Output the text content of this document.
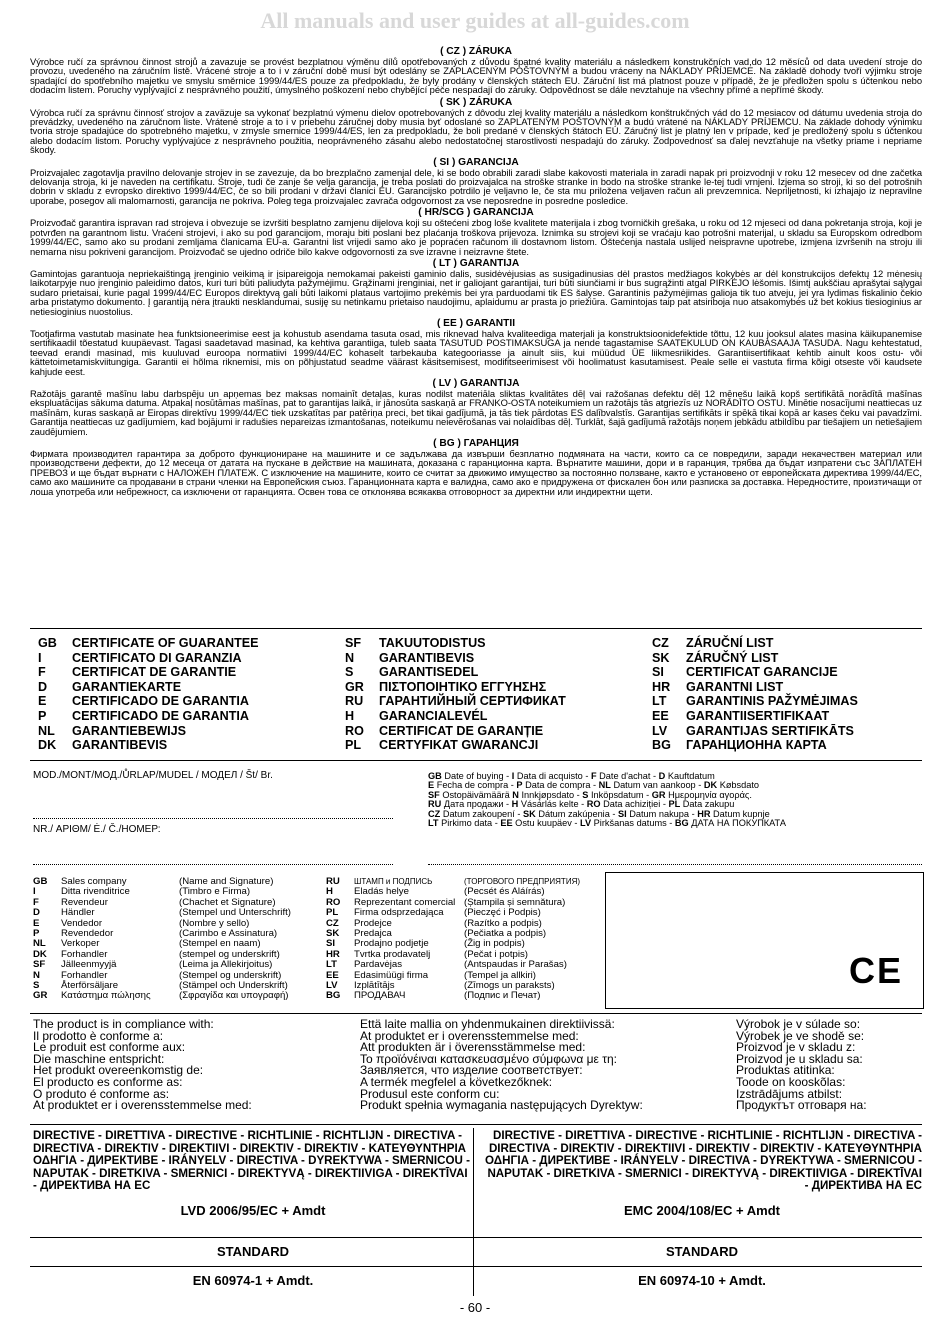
All manuals and user guides at all-guides.com
( CZ ) ZÁRUKA
Výrobce ručí za správnou činnost strojů a zavazuje se provést bezplatnou výměnu dílů opotřebovaných z důvodu špatné kvality materiálu a následkem konstrukčních vad,do 12 měsíců od data uvedení stroje do provozu, uvedeného na záručním listě. Vrácené stroje a to i v záruční době musí být odeslány se ZAPLACENÝM POŠTOVNÝM a budou vráceny na NÁKLADY PŘÍJEMCE. Na základě dohody tvoří výjimku stroje spadající do spotřebního majetku ve smyslu směrnice 1999/44/ES pouze za předpokladu, že byly prodány v členských státech EU. Záruční list má platnost pouze v případě, že je předložen spolu s účtenkou nebo dodacím listem. Poruchy vyplývající z nesprávného použití, úmyslného poškození nebo chybějící péče nespadají do záruky. Odpovědnost se dále nevztahuje na všechny přímé a nepřímé škody.
( SK ) ZÁRUKA
Výrobca ručí za správnu činnosť strojov a zaväzuje sa vykonať bezplatnú výmenu dielov opotrebovaných z dôvodu zlej kvality materiálu a následkom konštrukčných vád do 12 mesiacov od dátumu uvedenia stroja do prevádzky, uvedeného na záručnom liste. Vrátené stroje a to i v priebehu záručnej doby musia byť odoslané so ZAPLATENÝM POŠTOVNÝM a budú vrátené na NÁKLADY PRÍJEMCU. Na základe dohody výnimku tvoria stroje spadajúce do spotrebného majetku, v zmysle smernice 1999/44/ES, len za predpokladu, že boli predané v členských štátoch EÚ. Záručný list je platný len v prípade, keď je predložený spolu s účtenkou alebo dodacím listom. Poruchy vyplývajúce z nesprávneho použitia, neoprávneného zásahu alebo nedostatočnej starostlivosti nespadajú do záruky. Zodpovednosť sa ďalej nevzťahuje na všetky priame i nepriame škody.
( SI ) GARANCIJA
Proizvajalec zagotavlja pravilno delovanje strojev in se zavezuje, da bo brezplačno zamenjal dele, ki se bodo obrabili zaradi slabe kakovosti materiala in zaradi napak pri proizvodnji v roku 12 mesecev od dne začetka delovanja stroja, ki je naveden na certifikatu. Stroje, tudi če zanje še velja garancija, je treba poslati do proizvajalca na stroške stranke in bodo na stroške stranke le-tej tudi vrnjeni. Izjema so stroji, ki so del potrošnih dobrin v skladu z evropsko direktivo 1999/44/EC, če so bili prodani v državi članici EU. Garancijsko potrdilo je veljavno le, če sta mu priložena veljaven račun ali prevzemnica. Nepriljetnosti, ki izhajajo iz nepravilne uporabe, posegov ali malomarnosti, garancija ne pokriva. Poleg tega proizvajalec zavrača odgovornost za vse neposredne in posredne posledice.
( HR/SCG ) GARANCIJA
Proizvođač garantira ispravan rad strojeva i obvezuje se izvršiti besplatno zamjenu dijelova koji su oštećeni zbog loše kvalitete materijala i zbog tvorničkih grešaka, u roku od 12 mjeseci od dana pokretanja stroja, koji je potvrđen na garantnom listu. Vraćeni strojevi, i ako su pod garancijom, moraju biti poslani bez plaćanja troškova prijevoza. Iznimka su strojevi koji se vraćaju kao potrošni materijal, u skladu sa Europskom odredbom 1999/44/EC, samo ako su prodani zemljama članicama EU-a. Garantni list vrijedi samo ako je popraćen računom ili dostavnom listom. Oštećenja nastala uslijed neispravne upotrebe, izmjena izvršenih na stroju ili nemarna nisu pokriveni garancijom. Proizvođač se ujedno odriče bilo kakve odgovornosti za sve izravne i neizravne štete.
( LT ) GARANTIJA
Gamintojas garantuoja nepriekaištingą įrenginio veikimą ir įsipareigoja nemokamai pakeisti gaminio dalis, susidėvėjusias as susigadinusias dėl prastos medžiagos kokybės ar dėl konstrukcijos defektų 12 mėnesių laikotarpyje nuo įrenginio paleidimo datos, kuri turi būti paliudyta pažymėjimu. Grąžinami įrenginiai, net ir galiojant garantijai, turi būti siunčiami ir bus sugrąžinti atgal PIRKĖJO lėšomis. Išimtį aukščiau aprašytai sąlygai sudaro prietaisai, kurie pagal 1999/44/EC Europos direktyvą gali būti laikomi plataus vartojimo prekėmis bei yra parduodami tik ES šalyse. Garantinis pažymėjimas galioja tik tuo atveju, jei yra lydimas fiskalinio čekio arba pristatymo dokumento. Į garantiją nėra įtraukti nesklandumai, susiję su netinkamu prietaiso naudojimu, aplaidumu ar prasta jo priežiūra. Gamintojas taip pat atsiriboja nuo atsakomybės už bet kokius tiesioginius ar netiesioginius nuostolius.
( EE ) GARANTII
Tootjafirma vastutab masinate hea funktsioneerimise eest ja kohustub asendama tasuta osad, mis riknevad halva kvaliteediga materjali ja konstruktsioonidefektide tõttu, 12 kuu jooksul alates masina käikupanemise sertifikaadil tõestatud kuupäevast. Tagasi saadetavad masinad, ka kehtiva garantiiga, tuleb saata TASUTUD POSTIMAKSUGA ja nende tagastamise SAATEKULUD ON KAUBASAAJA TASUDA. Nagu kehtestatud, teevad erandi masinad, mis kuuluvad euroopa normatiivi 1999/44/EC kohaselt tarbekauba kategooriasse ja ainult siis, kui müüdud ÜE liikmesriikides. Garantiisertifikaat kehtib ainult koos ostu- või kättetoimetamiskviitungiga. Garantii ei hõlma riknemisi, mis on põhjustatud seadme väärast käsitsemisest, modifitseerimisest või hoolimatust kasutamisest. Peale selle ei vastuta firma kõigi otseste või kaudsete kahjude eest.
( LV ) GARANTIJA
Ražotājs garantē mašīnu labu darbspēju un apņemas bez maksas nomainīt detaļas, kuras nodilst materiāla sliktas kvalitātes dēļ vai ražošanas defektu dēļ 12 mēnešu laikā kopš sertifikātā norādītā mašīnas ekspluatācijas sākuma datuma. Atpakaļ nosūtāmas mašīnas, pat to garantijas laikā, ir jānosūta saskaņā ar FRANKO-OSTA noteikumiem un ražotājs tās atgriezīs uz NORĀDĪTO OSTU. Minētie nosacījumi neattiecas uz mašīnām, kuras saskaņā ar Eiropas direktīvu 1999/44/EC tiek uzskatītas par patēriņa preci, bet tikai gadījumā, ja tās tiek pārdotas ES dalībvalstīs. Garantijas sertifikāts ir spēkā tikai kopā ar kases čeku vai pavadzīmi. Garantija neattiecas uz gadījumiem, kad bojājumi ir radušies nepareizas izmantošanas, noteikumu neievērošanas vai nolaidības dēļ. Turklāt, šajā gadījumā ražotājs noņem jebkādu atbildību par tiešajiem un netiešajiem zaudējumiem.
( BG ) ГАРАНЦИЯ
Фирмата производител гарантира за доброто функциониране на машините и се задължава да извърши безплатно подмяната на части, които са се повредили, заради некачествен материал или производствени дефекти, до 12 месеца от датата на пускане в действие на машината, доказана с гаранционна карта. Върнатите машини, дори и в гаранция, трябва да бъдат изпратени със ЗАПЛАТЕН ПРЕВОЗ и ще бъдат върнати с НАЛОЖЕН ПЛАТЕЖ. С изключение на машините, които се считат за движимо имущество за постоянно ползване, както е установено от европейската директива 1999/44/EC, само ако машините са продавани в страни членки на Европейския съюз. Гаранционната карта е валидна, само ако е придружена от фискален бон или разписка за доставка. Нередностите, произтичащи от лоша употреба или небрежност, са изключени от гаранцията. Освен това се отклонява всякаква отговорност за директни или индиректни щети.
GB CERTIFICATE OF GUARANTEE
I CERTIFICATO DI GARANZIA
F CERTIFICAT DE GARANTIE
D GARANTIEKARTE
E CERTIFICADO DE GARANTIA
P CERTIFICADO DE GARANTIA
NL GARANTIEBEWIJS
DK GARANTIBEVIS
SF TAKUUTODISTUS
N GARANTIBEVIS
S GARANTISEDEL
GR ΠΙΣΤΟΠΟΙΗΤΙΚΟ ΕΓΓΥΗΣΗΣ
RU ГАРАНТИЙНЫЙ СЕРТИФИКАТ
H GARANCIALEVÉL
RO CERTIFICAT DE GARANȚIE
PL CERTYFIKAT GWARANCJI
CZ ZÁRUČNÍ LIST
SK ZÁRUČNÝ LIST
SI CERTIFICAT GARANCIJE
HR GARANTNI LIST
LT GARANTINIS PAŽYMĖJIMAS
EE GARANTIISERTIFIKAAT
LV GARANTIJAS SERTIFIKĀTS
BG ГАРАНЦИОННА КАРТА
MOD./MONT/МОД./ŮRLAP/MUDEL / МОДЕЛ / Št/ Br.
NR./ ΑΡΙΘΜ/ Ė./ Č./НОМЕР:
GB Date of buying - I Data di acquisto - F Date d'achat - D Kauftdatum
E Fecha de compra - P Data de compra - NL Datum van aankoop - DK Købsdato
SF Ostopäivämäärä N Innkjøpsdato - S Inköpsdatum - GR Ημερομηνία αγοράς.
RU Дата продажи - H Vásárlás kelte - RO Data achiziției - PL Data zakupu
CZ Datum zakoupení - SK Dátum zakúpenia - SI Datum nakupa - HR Datum kupnje
LT Pirkimo data - EE Ostu kuupäev - LV Pirkšanas datums - BG ДАТА НА ПОКУПКАТА
GB Sales company	(Name and Signature)
I	Ditta rivenditrice	(Timbro e Firma)
F Revendeur	(Chachet et Signature)
D Händler	(Stempel und Unterschrift)
E Vendedor	(Nombre y sello)
P Revendedor	(Carimbo e Assinatura)
NL Verkoper	(Stempel en naam)
DK Forhandler	(stempel og underskrift)
SF Jälleenmyyjä	(Leima ja Allekirjoitus)
N Forhandler	(Stempel og underskrift)
S Återförsäljare	(Stämpel och Underskrift)
GR Κατάστημα πώλησης	(Σφραγίδα και υπογραφή)
RU ШТАМП и ПОДПИСЬ	(ТОРГОВОГО ПРЕДПРИЯТИЯ)
H Eladás helye	(Pecsét és Aláírás)
RO Reprezentant comercial (Ștampila și semnătura)
PL Firma odsprzedająca (Pieczęć i Podpis)
CZ Prodejce	(Razítko a podpis)
SK Predajca	(Pečiatka a podpis)
SI Prodajno podjetje	(Žig in podpis)
HR Tvrtka prodavatelj	(Pečat i potpis)
LT Pardavėjas	(Antspaudas ir Parašas)
EE Edasimüügi firma	(Tempel ja allkiri)
LV Izplātītājs	(Zīmogs un paraksts)
BG ПРОДАВАЧ	(Подпис и Печат)
CE
The product is in compliance with:
Il prodotto è conforme a:
Le produit est conforme aux:
Die maschine entspricht:
Het produkt overeenkomstig de:
El producto es conforme as:
O produto é conforme as:
At produktet er i overensstemmelse med:
Että laite mallia on yhdenmukainen direktiivissä:
At produktet er i overensstemmelse med:
Att produkten är i överensstämmelse med:
Το προϊόνέιναι κατασκευασμένο σύμφωνα με τη:
Заявляется, что изделие соответствует:
A termék megfelel a következőknek:
Produsul este conform cu:
Produkt spełnia wymagania następujących Dyrektyw:
Výrobok je v súlade so:
Výrobek je ve shodě se:
Proizvod je v skladu z:
Proizvod je u skladu sa:
Produktas atitinka:
Toode on kooskõlas:
Izstrādājums atbilst:
Продуктът отговаря на:
DIRECTIVE - DIRETTIVA - DIRECTIVE - RICHTLINIE - RICHTLIJN - DIRECTIVA - DIRECTIVA - DIREKTIV - DIREKTIIVI - DIREKTIV - DIREKTIV - ΚΑΤΕΥΘΥΝΤΗΡΙΑ ΟΔΗΓΙΑ - ДИРЕКТИВЕ - IRÁNYELV - DIRECTIVA - DYREKTYWA - SMERNICOU - NAPUTAK - DIRETKIVA - SMERNICI - DIREKTYVĄ - DIREKTIIVIGA - DIREKTĪVAI - ДИРЕКТИВА НА ЕС
LVD 2006/95/EC + Amdt
DIRECTIVE - DIRETTIVA - DIRECTIVE - RICHTLINIE - RICHTLIJN - DIRECTIVA - DIRECTIVA - DIREKTIV - DIREKTIIVI - DIREKTIV - DIREKTIV - ΚΑΤΕΥΘΥΝΤΗΡΙΑ ΟΔΗΓΙΑ - ДИРЕКТИВЕ - IRÁNYELV - DIRECTIVA - DYREKTYWA - SMERNICOU - NAPUTAK - DIRETKIVA - SMERNICI - DIREKTYVĄ - DIREKTIIVIGA - DIREKTĪVAI - ДИРЕКТИВА НА ЕС
EMC 2004/108/EC + Amdt
STANDARD	STANDARD
EN 60974-1 + Amdt.	EN 60974-10 + Amdt.
- 60 -
